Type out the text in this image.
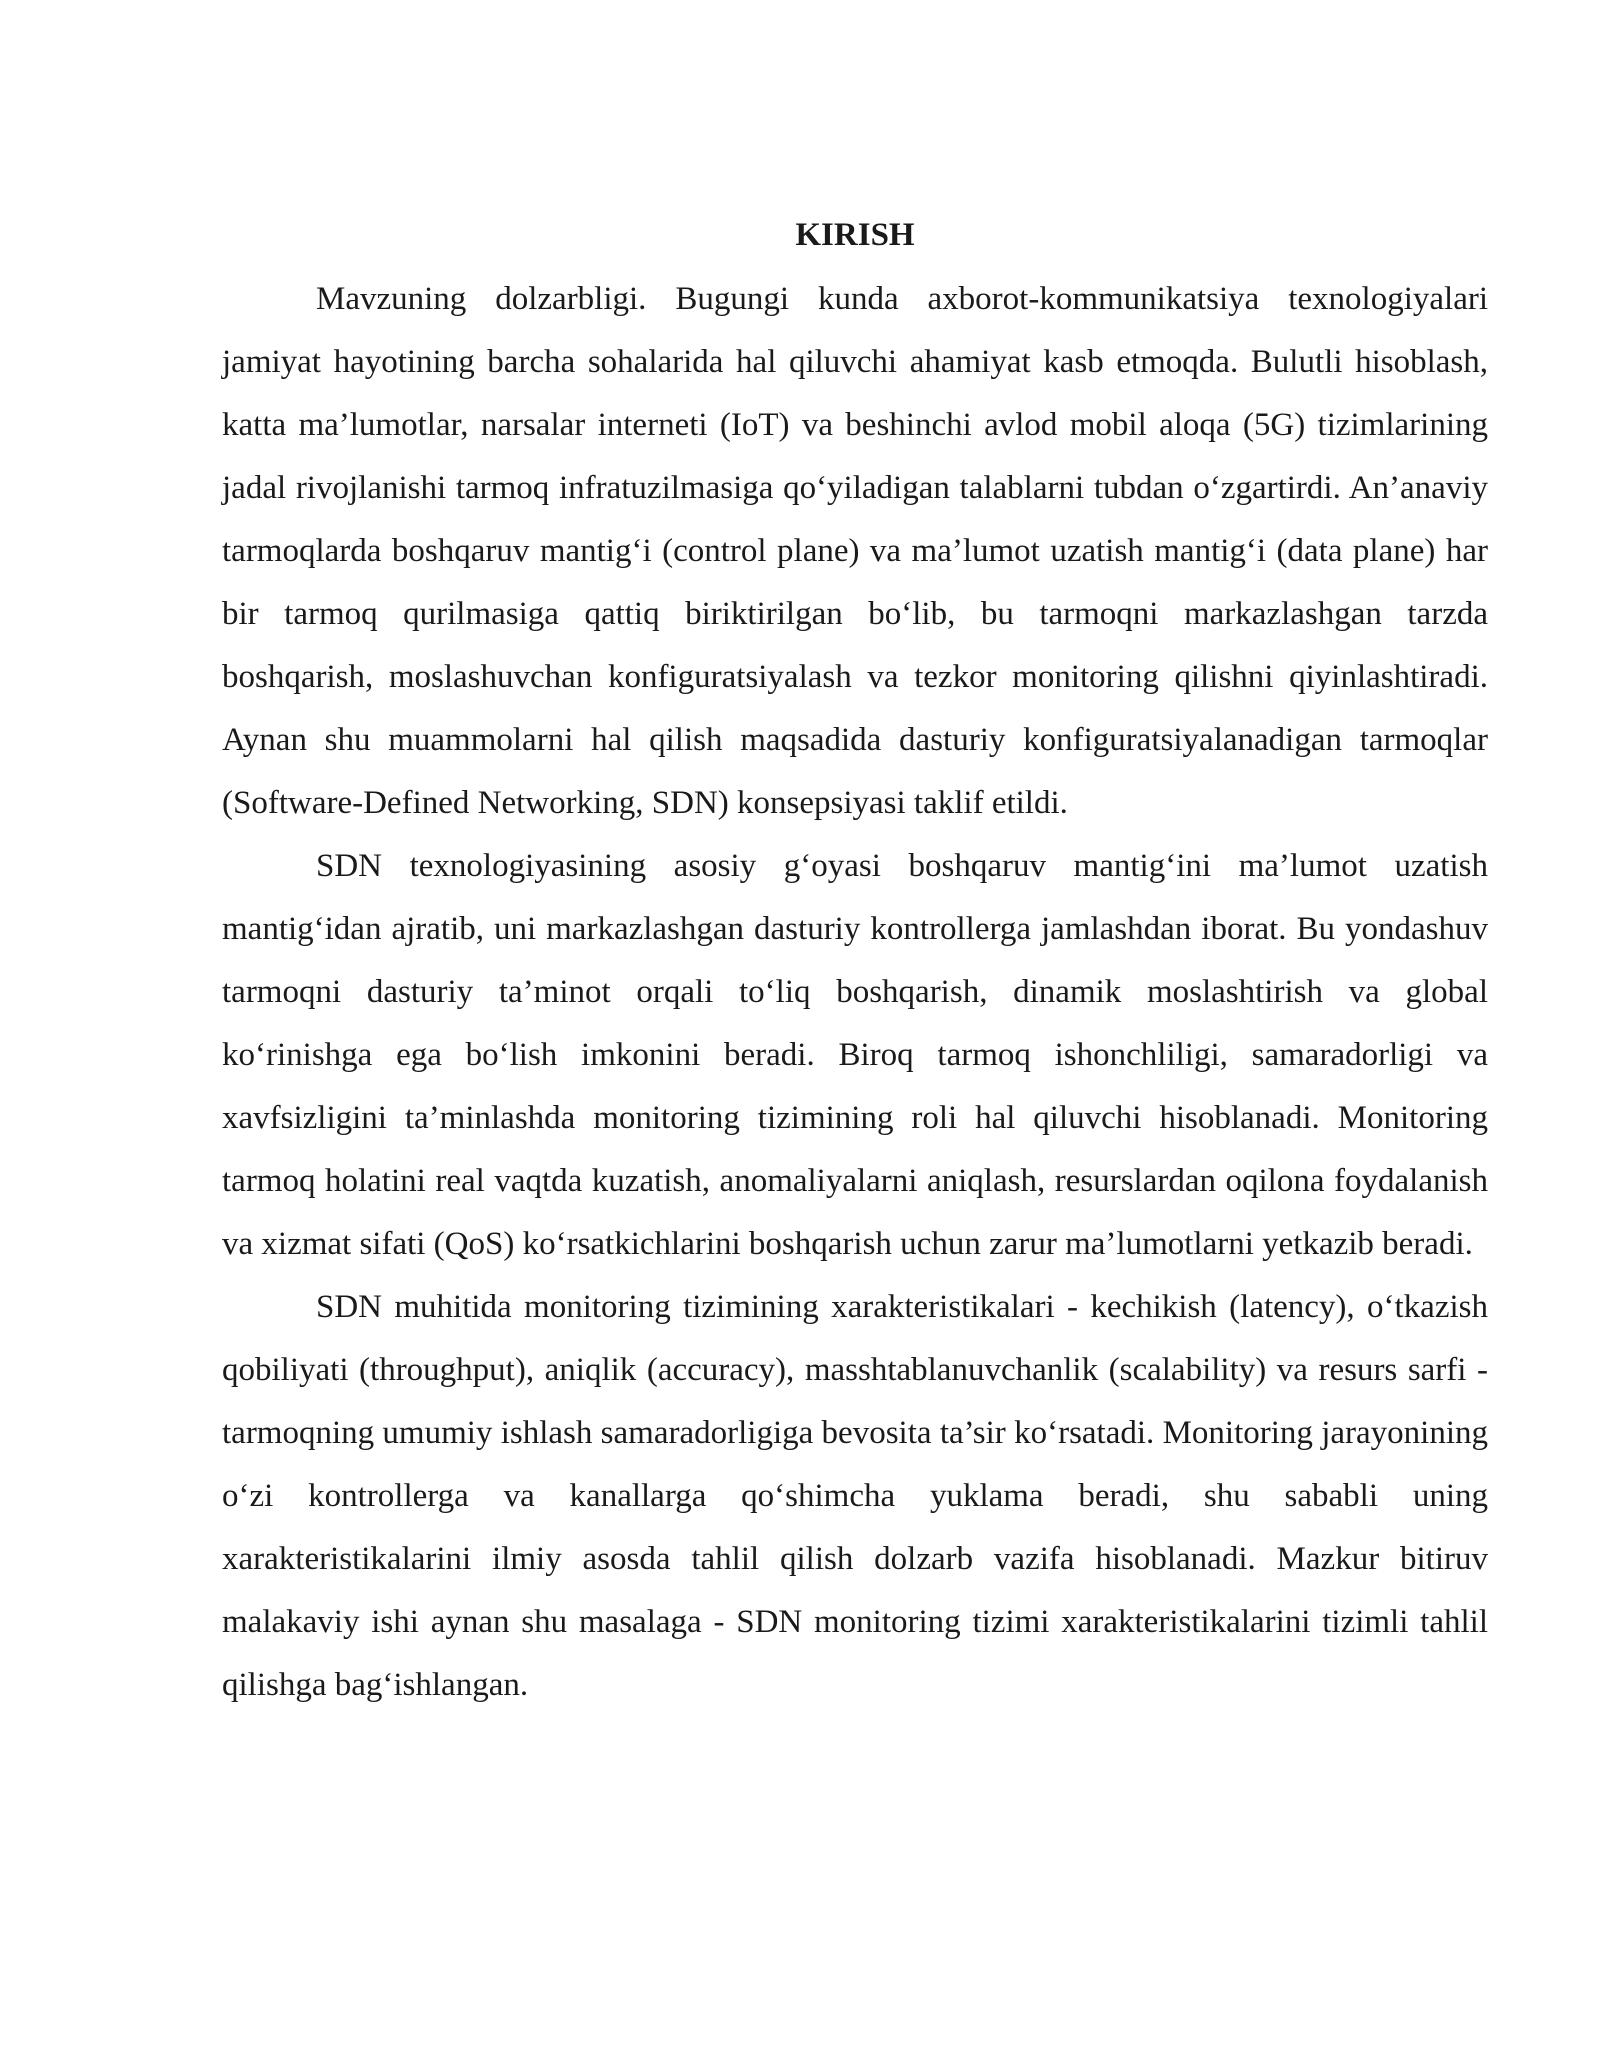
KIRISH

Mavzuning dolzarbligi. Bugungi kunda axborot-kommunikatsiya texnologiyalari jamiyat hayotining barcha sohalarida hal qiluvchi ahamiyat kasb etmoqda. Bulutli hisoblash, katta ma’lumotlar, narsalar interneti (IoT) va beshinchi avlod mobil aloqa (5G) tizimlarining jadal rivojlanishi tarmoq infratuzilmasiga qo‘yiladigan talablarni tubdan o‘zgartirdi. An’anaviy tarmoqlarda boshqaruv mantig‘i (control plane) va ma’lumot uzatish mantig‘i (data plane) har bir tarmoq qurilmasiga qattiq biriktirilgan bo‘lib, bu tarmoqni markazlashgan tarzda boshqarish, moslashuvchan konfiguratsiyalash va tezkor monitoring qilishni qiyinlashtiradi. Aynan shu muammolarni hal qilish maqsadida dasturiy konfiguratsiyalanadigan tarmoqlar (Software-Defined Networking, SDN) konsepsiyasi taklif etildi.

SDN texnologiyasining asosiy g‘oyasi boshqaruv mantig‘ini ma’lumot uzatish mantig‘idan ajratib, uni markazlashgan dasturiy kontrollerga jamlashdan iborat. Bu yondashuv tarmoqni dasturiy ta’minot orqali to‘liq boshqarish, dinamik moslashtirish va global ko‘rinishga ega bo‘lish imkonini beradi. Biroq tarmoq ishonchliligi, samaradorligi va xavfsizligini ta’minlashda monitoring tizimining roli hal qiluvchi hisoblanadi. Monitoring tarmoq holatini real vaqtda kuzatish, anomaliyalarni aniqlash, resurslardan oqilona foydalanish va xizmat sifati (QoS) ko‘rsatkichlarini boshqarish uchun zarur ma’lumotlarni yetkazib beradi.

SDN muhitida monitoring tizimining xarakteristikalari - kechikish (latency), o‘tkazish qobiliyati (throughput), aniqlik (accuracy), masshtablanuvchanlik (scalability) va resurs sarfi - tarmoqning umumiy ishlash samaradorligiga bevosita ta’sir ko‘rsatadi. Monitoring jarayonining o‘zi kontrollerga va kanallarga qo‘shimcha yuklama beradi, shu sababli uning xarakteristikalarini ilmiy asosda tahlil qilish dolzarb vazifa hisoblanadi. Mazkur bitiruv malakaviy ishi aynan shu masalaga - SDN monitoring tizimi xarakteristikalarini tizimli tahlil qilishga bag‘ishlangan.
